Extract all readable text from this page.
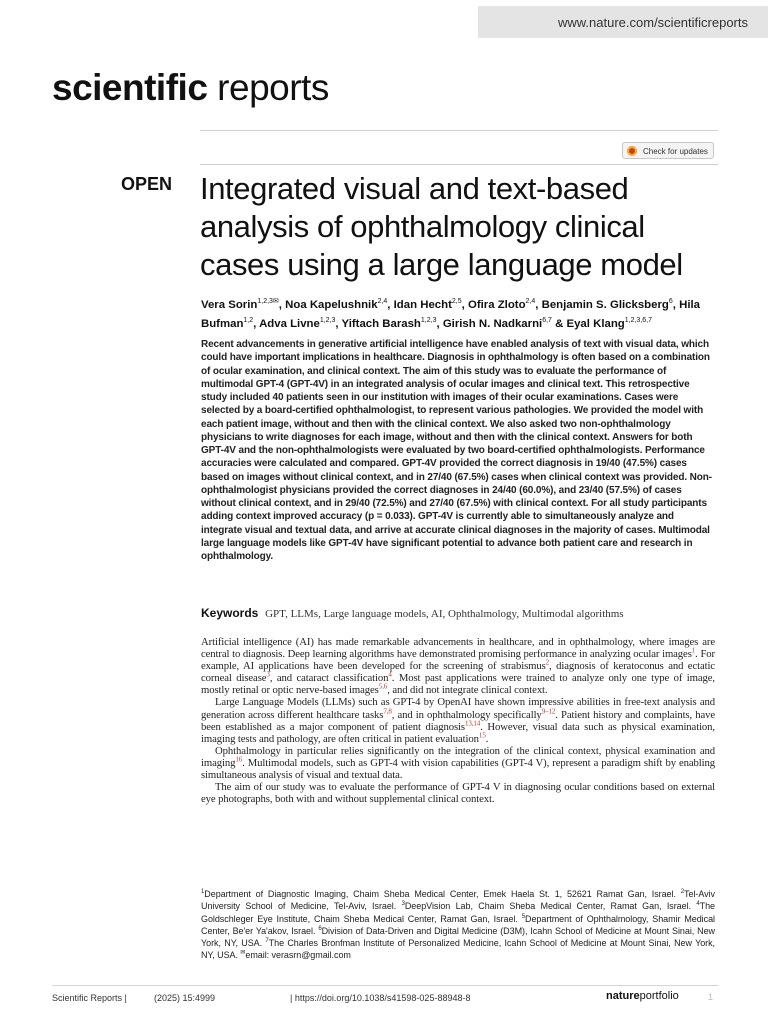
www.nature.com/scientificreports
scientific reports
Check for updates
OPEN Integrated visual and text-based analysis of ophthalmology clinical cases using a large language model
Vera Sorin$^{1,2,3✉}$, Noa Kapelushnik$^{2,4}$, Idan Hecht$^{2,5}$, Ofira Zloto$^{2,4}$, Benjamin S. Glicksberg$^6$, Hila Bufman$^{1,2}$, Adva Livne$^{1,2,3}$, Yiftach Barash$^{1,2,3}$, Girish N. Nadkarni$^{6,7}$ & Eyal Klang$^{1,2,3,6,7}$
Recent advancements in generative artificial intelligence have enabled analysis of text with visual data, which could have important implications in healthcare. Diagnosis in ophthalmology is often based on a combination of ocular examination, and clinical context. The aim of this study was to evaluate the performance of multimodal GPT-4 (GPT-4V) in an integrated analysis of ocular images and clinical text. This retrospective study included 40 patients seen in our institution with images of their ocular examinations. Cases were selected by a board-certified ophthalmologist, to represent various pathologies. We provided the model with each patient image, without and then with the clinical context. We also asked two non-ophthalmology physicians to write diagnoses for each image, without and then with the clinical context. Answers for both GPT-4V and the non-ophthalmologists were evaluated by two board-certified ophthalmologists. Performance accuracies were calculated and compared. GPT-4V provided the correct diagnosis in 19/40 (47.5%) cases based on images without clinical context, and in 27/40 (67.5%) cases when clinical context was provided. Non-ophthalmologist physicians provided the correct diagnoses in 24/40 (60.0%), and 23/40 (57.5%) of cases without clinical context, and in 29/40 (72.5%) and 27/40 (67.5%) with clinical context. For all study participants adding context improved accuracy (p = 0.033). GPT-4V is currently able to simultaneously analyze and integrate visual and textual data, and arrive at accurate clinical diagnoses in the majority of cases. Multimodal large language models like GPT-4V have significant potential to advance both patient care and research in ophthalmology.
Keywords GPT, LLMs, Large language models, AI, Ophthalmology, Multimodal algorithms

Artificial intelligence (AI) has made remarkable advancements in healthcare, and in ophthalmology, where images are central to diagnosis. Deep learning algorithms have demonstrated promising performance in analyzing ocular images$^1$. For example, AI applications have been developed for the screening of strabismus$^2$, diagnosis of keratoconus and ectatic corneal disease$^3$, and cataract classification$^4$. Most past applications were trained to analyze only one type of image, mostly retinal or optic nerve-based images$^{5,6}$, and did not integrate clinical context.

Large Language Models (LLMs) such as GPT-4 by OpenAI have shown impressive abilities in free-text analysis and generation across different healthcare tasks$^{7,8}$, and in ophthalmology specifically$^{9-12}$. Patient history and complaints, have been established as a major component of patient diagnosis$^{13,14}$. However, visual data such as physical examination, imaging tests and pathology, are often critical in patient evaluation$^{15}$.

Ophthalmology in particular relies significantly on the integration of the clinical context, physical examination and imaging$^{16}$. Multimodal models, such as GPT-4 with vision capabilities (GPT-4 V), represent a paradigm shift by enabling simultaneous analysis of visual and textual data.

The aim of our study was to evaluate the performance of GPT-4 V in diagnosing ocular conditions based on external eye photographs, both with and without supplemental clinical context.

$^1$Department of Diagnostic Imaging, Chaim Sheba Medical Center, Emek Haela St. 1, 52621 Ramat Gan, Israel. $^2$Tel-Aviv University School of Medicine, Tel-Aviv, Israel. $^3$DeepVision Lab, Chaim Sheba Medical Center, Ramat Gan, Israel. $^4$The Goldschleger Eye Institute, Chaim Sheba Medical Center, Ramat Gan, Israel. $^5$Department of Ophthalmology, Shamir Medical Center, Be'er Ya'akov, Israel. $^6$Division of Data-Driven and Digital Medicine (D3M), Icahn School of Medicine at Mount Sinai, New York, NY, USA. $^7$The Charles Bronfman Institute of Personalized Medicine, Icahn School of Medicine at Mount Sinai, New York, NY, USA. ✉email: verasrn@gmail.com
Scientific Reports |	(2025) 15:4999	| https://doi.org/10.1038/s41598-025-88948-8	natureportfolio	1
